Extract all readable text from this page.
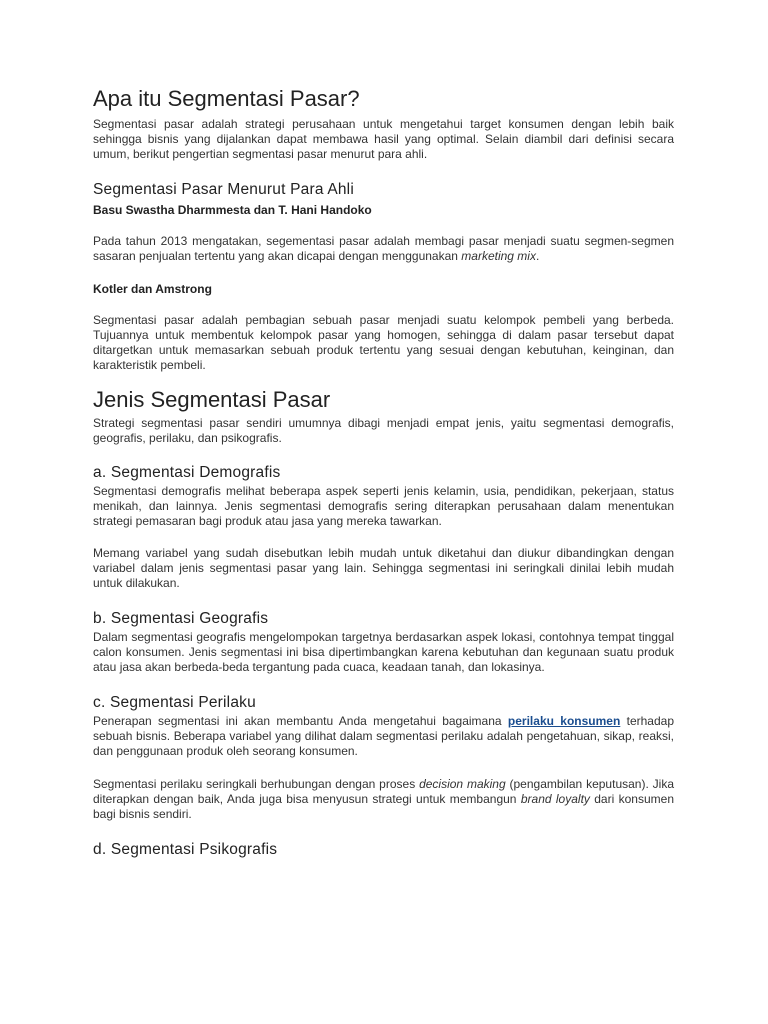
Apa itu Segmentasi Pasar?

Segmentasi pasar adalah strategi perusahaan untuk mengetahui target konsumen dengan lebih baik sehingga bisnis yang dijalankan dapat membawa hasil yang optimal. Selain diambil dari definisi secara umum, berikut pengertian segmentasi pasar menurut para ahli.

Segmentasi Pasar Menurut Para Ahli
Basu Swastha Dharmmesta dan T. Hani Handoko

Pada tahun 2013 mengatakan, segementasi pasar adalah membagi pasar menjadi suatu segmen-segmen sasaran penjualan tertentu yang akan dicapai dengan menggunakan marketing mix.

Kotler dan Amstrong

Segmentasi pasar adalah pembagian sebuah pasar menjadi suatu kelompok pembeli yang berbeda. Tujuannya untuk membentuk kelompok pasar yang homogen, sehingga di dalam pasar tersebut dapat ditargetkan untuk memasarkan sebuah produk tertentu yang sesuai dengan kebutuhan, keinginan, dan karakteristik pembeli.

Jenis Segmentasi Pasar

Strategi segmentasi pasar sendiri umumnya dibagi menjadi empat jenis, yaitu segmentasi demografis, geografis, perilaku, dan psikografis.

a. Segmentasi Demografis

Segmentasi demografis melihat beberapa aspek seperti jenis kelamin, usia, pendidikan, pekerjaan, status menikah, dan lainnya. Jenis segmentasi demografis sering diterapkan perusahaan dalam menentukan strategi pemasaran bagi produk atau jasa yang mereka tawarkan.

Memang variabel yang sudah disebutkan lebih mudah untuk diketahui dan diukur dibandingkan dengan variabel dalam jenis segmentasi pasar yang lain. Sehingga segmentasi ini seringkali dinilai lebih mudah untuk dilakukan.

b. Segmentasi Geografis

Dalam segmentasi geografis mengelompokan targetnya berdasarkan aspek lokasi, contohnya tempat tinggal calon konsumen. Jenis segmentasi ini bisa dipertimbangkan karena kebutuhan dan kegunaan suatu produk atau jasa akan berbeda-beda tergantung pada cuaca, keadaan tanah, dan lokasinya.

c. Segmentasi Perilaku

Penerapan segmentasi ini akan membantu Anda mengetahui bagaimana perilaku konsumen terhadap sebuah bisnis. Beberapa variabel yang dilihat dalam segmentasi perilaku adalah pengetahuan, sikap, reaksi, dan penggunaan produk oleh seorang konsumen.

Segmentasi perilaku seringkali berhubungan dengan proses decision making (pengambilan keputusan). Jika diterapkan dengan baik, Anda juga bisa menyusun strategi untuk membangun brand loyalty dari konsumen bagi bisnis sendiri.

d. Segmentasi Psikografis
